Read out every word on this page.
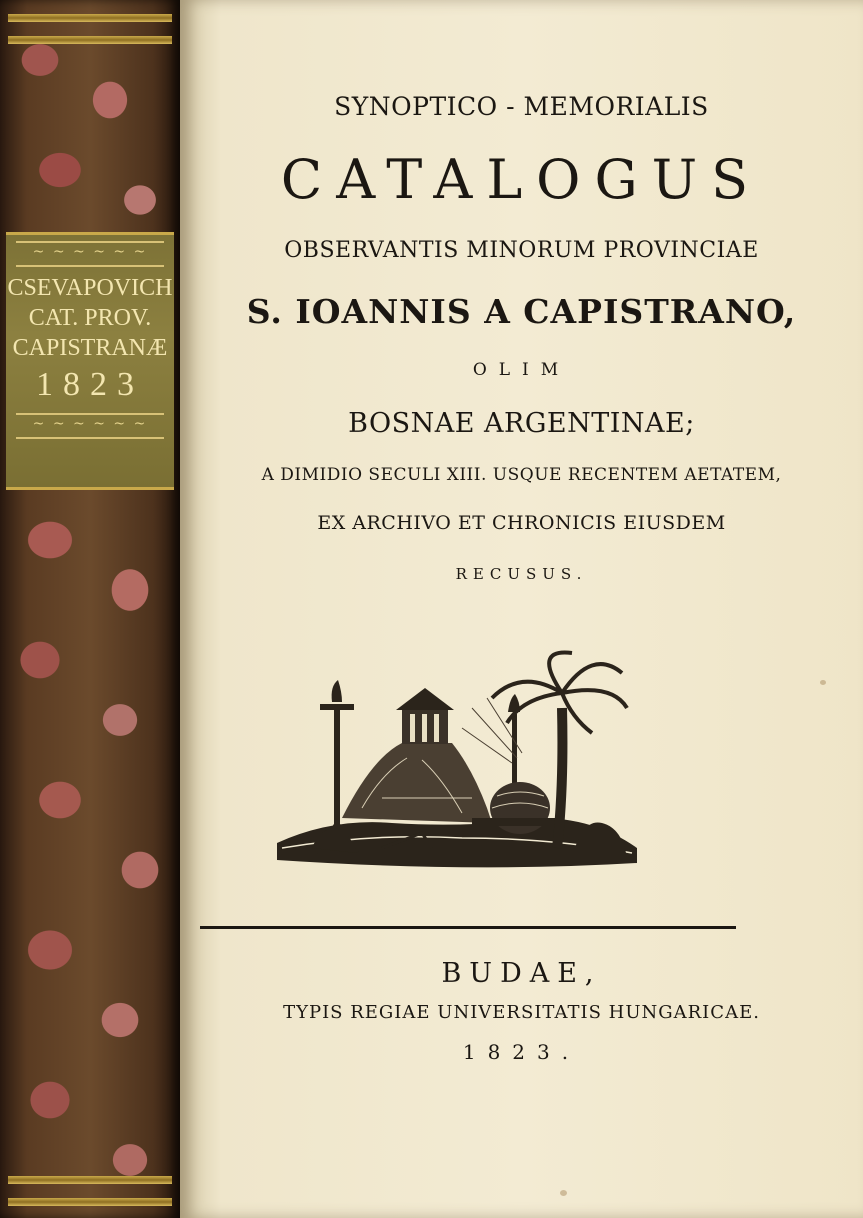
~ ~ ~
CSEVAPOVICH
CAT. PROV.
CAPISTRANÆ
1823
~ ~ ~
SYNOPTICO - MEMORIALIS
CATALOGUS
OBSERVANTIS MINORUM PROVINCIAE
S. IOANNIS A CAPISTRANO,
OLIM
BOSNAE ARGENTINAE;
A DIMIDIO SECULI XIII. USQUE RECENTEM AETATEM,
EX ARCHIVO ET CHRONICIS EIUSDEM
RECUSUS.
BUDAE,
TYPIS REGIAE UNIVERSITATIS HUNGARICAE.
1823.
